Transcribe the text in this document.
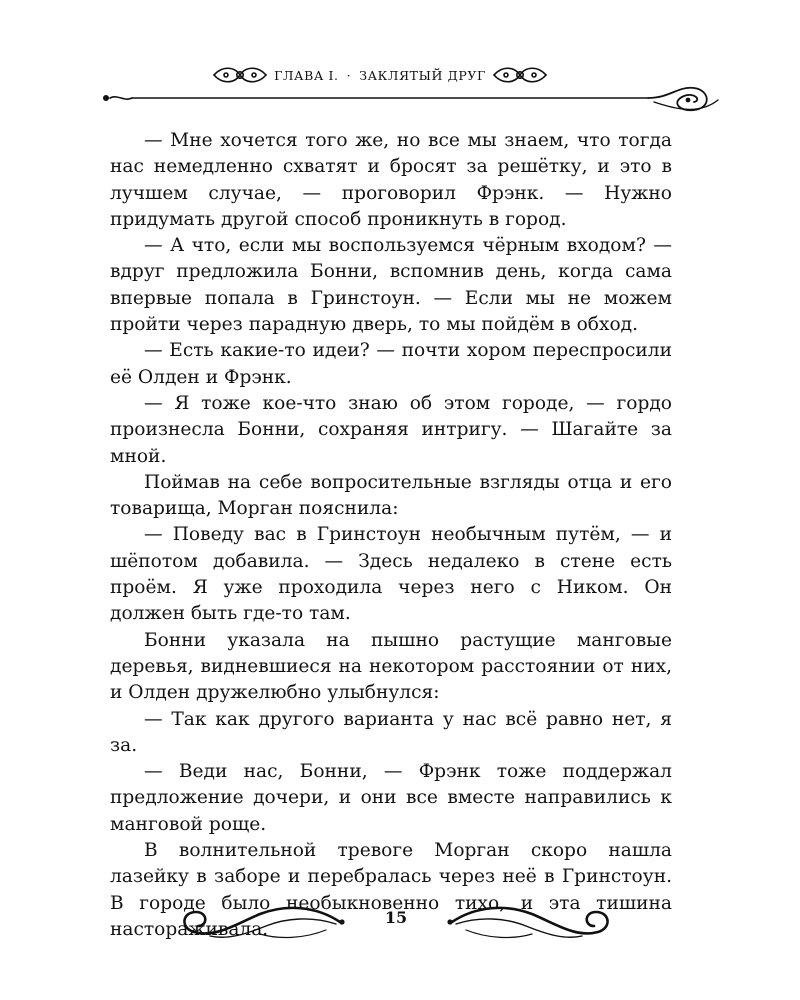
ГЛАВА I. · ЗАКЛЯТЫЙ ДРУГ

— Мне хочется того же, но все мы знаем, что тогда нас немедленно схватят и бросят за решётку, и это в лучшем случае, — проговорил Фрэнк. — Нужно придумать другой способ проникнуть в город.

— А что, если мы воспользуемся чёрным входом? — вдруг предложила Бонни, вспомнив день, когда сама впервые попала в Гринстоун. — Если мы не можем пройти через парадную дверь, то мы пойдём в обход.

— Есть какие-то идеи? — почти хором переспросили её Олден и Фрэнк.

— Я тоже кое-что знаю об этом городе, — гордо произнесла Бонни, сохраняя интригу. — Шагайте за мной.

Поймав на себе вопросительные взгляды отца и его товарища, Морган пояснила:

— Поведу вас в Гринстоун необычным путём, — и шёпотом добавила. — Здесь недалеко в стене есть проём. Я уже проходила через него с Ником. Он должен быть где-то там.

Бонни указала на пышно растущие манговые деревья, видневшиеся на некотором расстоянии от них, и Олден дружелюбно улыбнулся:

— Так как другого варианта у нас всё равно нет, я за.

— Веди нас, Бонни, — Фрэнк тоже поддержал предложение дочери, и они все вместе направились к манговой роще.

В волнительной тревоге Морган скоро нашла лазейку в заборе и перебралась через неё в Гринстоун. В городе было необыкновенно тихо, и эта тишина настораживала.

15
